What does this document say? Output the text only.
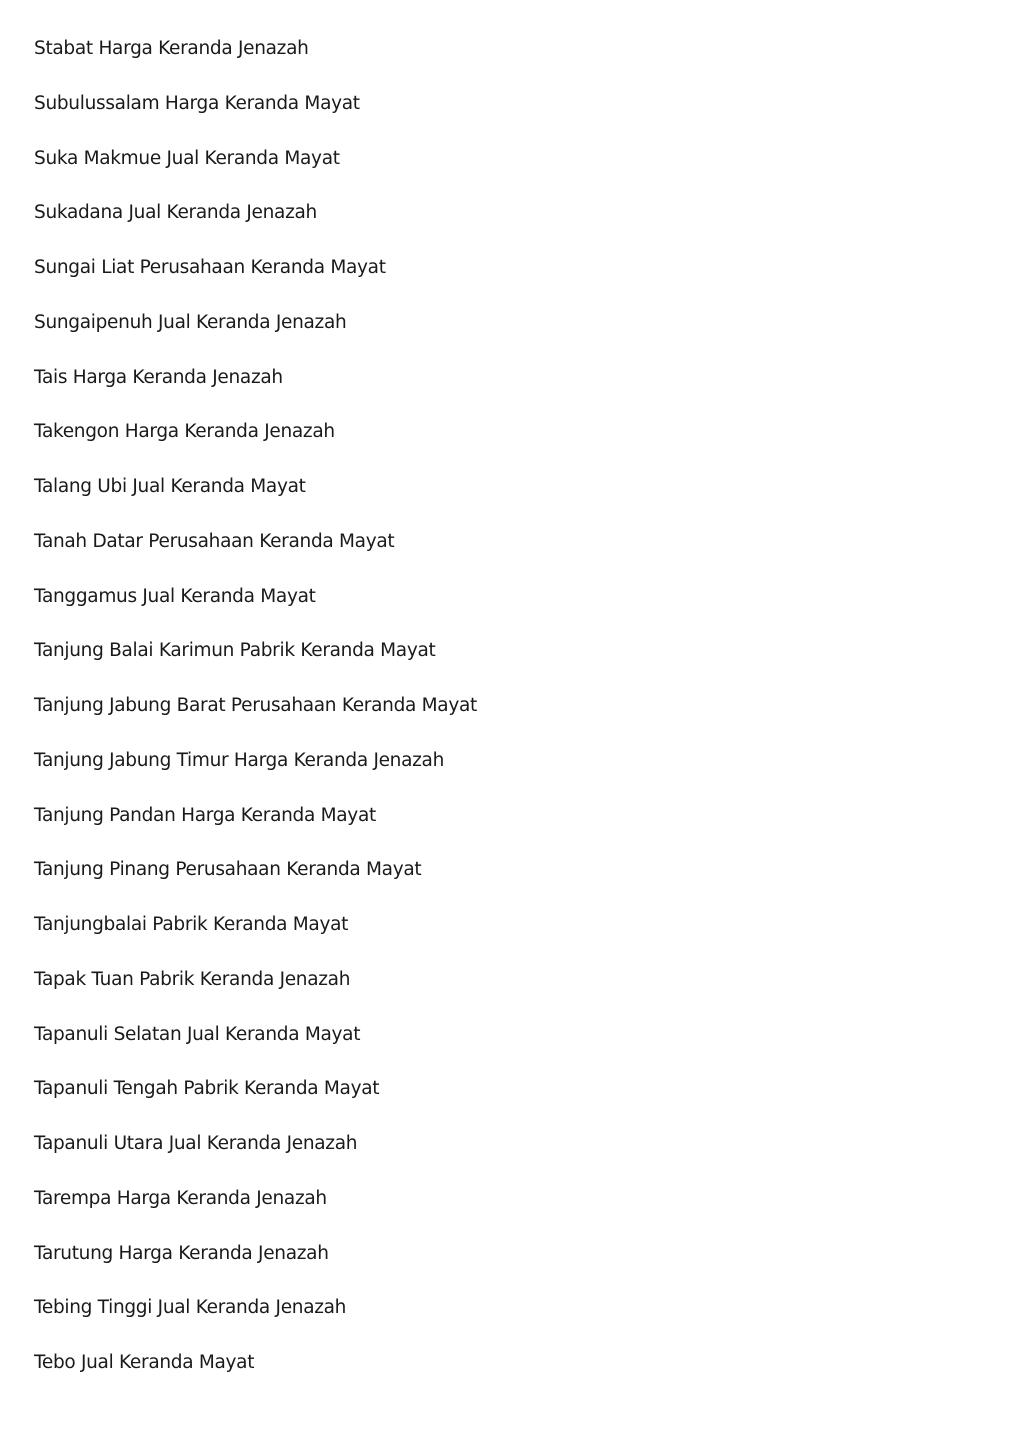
Stabat Harga Keranda Jenazah
Subulussalam Harga Keranda Mayat
Suka Makmue Jual Keranda Mayat
Sukadana Jual Keranda Jenazah
Sungai Liat Perusahaan Keranda Mayat
Sungaipenuh Jual Keranda Jenazah
Tais Harga Keranda Jenazah
Takengon Harga Keranda Jenazah
Talang Ubi Jual Keranda Mayat
Tanah Datar Perusahaan Keranda Mayat
Tanggamus Jual Keranda Mayat
Tanjung Balai Karimun Pabrik Keranda Mayat
Tanjung Jabung Barat Perusahaan Keranda Mayat
Tanjung Jabung Timur Harga Keranda Jenazah
Tanjung Pandan Harga Keranda Mayat
Tanjung Pinang Perusahaan Keranda Mayat
Tanjungbalai Pabrik Keranda Mayat
Tapak Tuan Pabrik Keranda Jenazah
Tapanuli Selatan Jual Keranda Mayat
Tapanuli Tengah Pabrik Keranda Mayat
Tapanuli Utara Jual Keranda Jenazah
Tarempa Harga Keranda Jenazah
Tarutung Harga Keranda Jenazah
Tebing Tinggi Jual Keranda Jenazah
Tebo Jual Keranda Mayat
